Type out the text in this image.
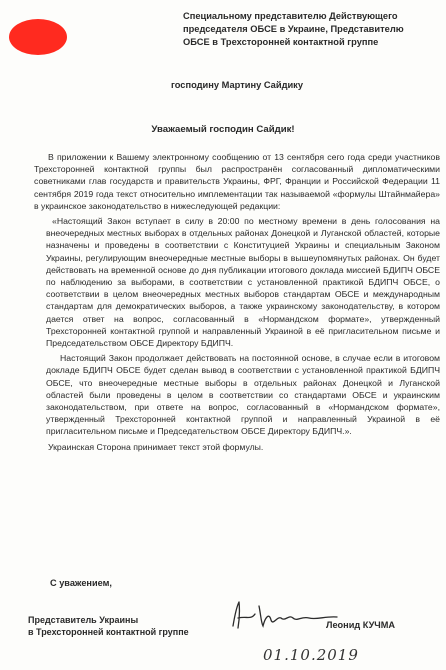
Специальному представителю Действующего
председателя ОБСЕ в Украине, Представителю
ОБСЕ в Трехсторонней контактной группе
господину Мартину Сайдику
Уважаемый господин Сайдик!

В приложении к Вашему электронному сообщению от 13 сентября сего года среди участников Трехсторонней контактной группы был распространён согласованный дипломатическими советниками глав государств и правительств Украины, ФРГ, Франции и Российской Федерации 11 сентября 2019 года текст относительно имплементации так называемой «формулы Штайнмайера» в украинское законодательство в нижеследующей редакции:

«Настоящий Закон вступает в силу в 20:00 по местному времени в день голосования на внеочередных местных выборах в отдельных районах Донецкой и Луганской областей, которые назначены и проведены в соответствии с Конституцией Украины и специальным Законом Украины, регулирующим внеочередные местные выборы в вышеупомянутых районах. Он будет действовать на временной основе до дня публикации итогового доклада миссией БДИПЧ ОБСЕ по наблюдению за выборами, в соответствии с установленной практикой БДИПЧ ОБСЕ, о соответствии в целом внеочередных местных выборов стандартам ОБСЕ и международным стандартам для демократических выборов, а также украинскому законодательству, в котором дается ответ на вопрос, согласованный в «Нормандском формате», утвержденный Трехсторонней контактной группой и направленный Украиной в её пригласительном письме и Председательством ОБСЕ Директору БДИПЧ.

Настоящий Закон продолжает действовать на постоянной основе, в случае если в итоговом докладе БДИПЧ ОБСЕ будет сделан вывод в соответствии с установленной практикой БДИПЧ ОБСЕ, что внеочередные местные выборы в отдельных районах Донецкой и Луганской областей были проведены в целом в соответствии со стандартами ОБСЕ и украинским законодательством, при ответе на вопрос, согласованный в «Нормандском формате», утвержденный Трехсторонней контактной группой и направленный Украиной в её пригласительном письме и Председательством ОБСЕ Директору БДИПЧ.».

Украинская Сторона принимает текст этой формулы.

С уважением,
Представитель Украины
в Трехсторонней контактной группе
Леонид КУЧМА
01.10.2019
